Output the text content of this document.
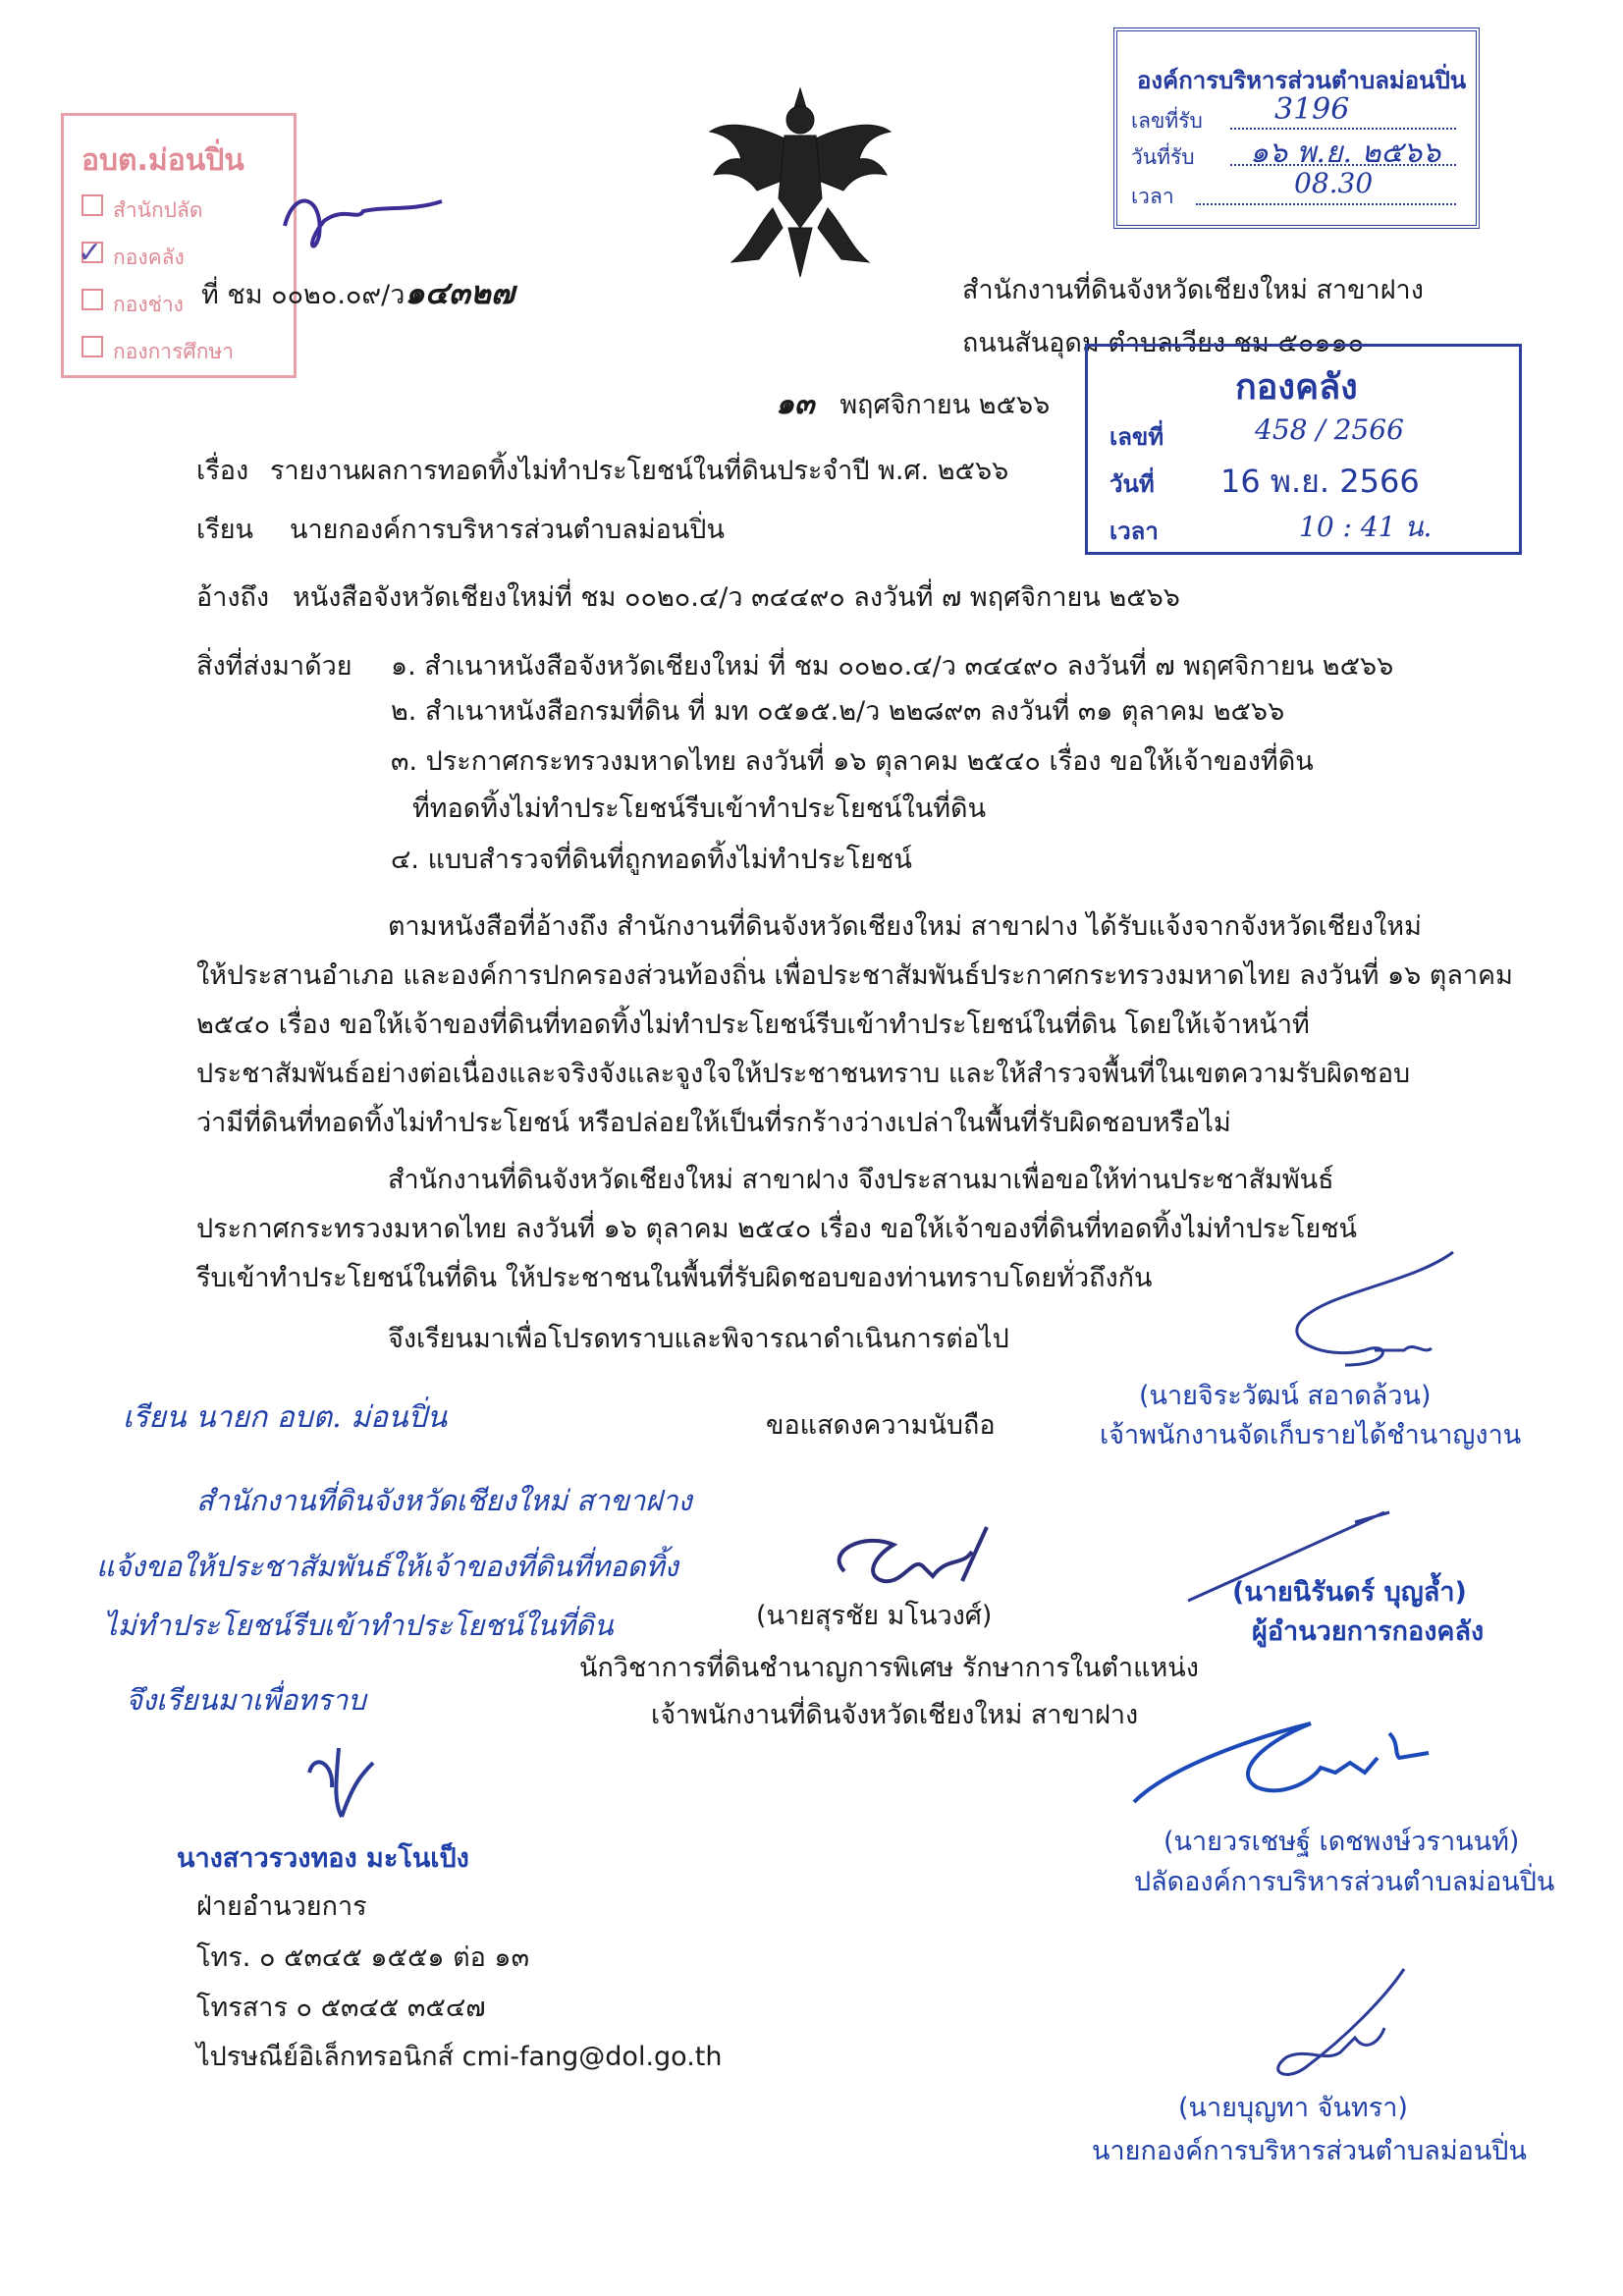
อบต.ม่อนปิ่น
สำนักปลัด
✓ กองคลัง
กองช่าง
กองการศึกษา
องค์การบริหารส่วนตำบลม่อนปิ่น
เลขที่รับ 3196
วันที่รับ ๑๖ พ.ย. ๒๕๖๖
เวลา	08.30
ที่ ชม ๐๐๒๐.๐๙/ว๑๔๓๒๗	สำนักงานที่ดินจังหวัดเชียงใหม่ สาขาฝาง
ถนนสันอุดม ตำบลเวียง ชม ๕๐๑๑๐
๑๓ พฤศจิกายน ๒๕๖๖	กองคลัง
เลขที่	458 / 2566
วันที่ 16 พ.ย. 2566
เวลา	10 : 41 น.
เรื่อง รายงานผลการทอดทิ้งไม่ทำประโยชน์ในที่ดินประจำปี พ.ศ. ๒๕๖๖
เรียน นายกองค์การบริหารส่วนตำบลม่อนปิ่น
อ้างถึง หนังสือจังหวัดเชียงใหม่ที่ ชม ๐๐๒๐.๔/ว ๓๔๔๙๐ ลงวันที่ ๗ พฤศจิกายน ๒๕๖๖
สิ่งที่ส่งมาด้วย ๑. สำเนาหนังสือจังหวัดเชียงใหม่ ที่ ชม ๐๐๒๐.๔/ว ๓๔๔๙๐ ลงวันที่ ๗ พฤศจิกายน ๒๕๖๖
๒. สำเนาหนังสือกรมที่ดิน ที่ มท ๐๕๑๕.๒/ว ๒๒๘๙๓ ลงวันที่ ๓๑ ตุลาคม ๒๕๖๖
๓. ประกาศกระทรวงมหาดไทย ลงวันที่ ๑๖ ตุลาคม ๒๕๔๐ เรื่อง ขอให้เจ้าของที่ดิน
ที่ทอดทิ้งไม่ทำประโยชน์รีบเข้าทำประโยชน์ในที่ดิน
๔. แบบสำรวจที่ดินที่ถูกทอดทิ้งไม่ทำประโยชน์
ตามหนังสือที่อ้างถึง สำนักงานที่ดินจังหวัดเชียงใหม่ สาขาฝาง ได้รับแจ้งจากจังหวัดเชียงใหม่
ให้ประสานอำเภอ และองค์การปกครองส่วนท้องถิ่น เพื่อประชาสัมพันธ์ประกาศกระทรวงมหาดไทย ลงวันที่ ๑๖ ตุลาคม
๒๕๔๐ เรื่อง ขอให้เจ้าของที่ดินที่ทอดทิ้งไม่ทำประโยชน์รีบเข้าทำประโยชน์ในที่ดิน โดยให้เจ้าหน้าที่
ประชาสัมพันธ์อย่างต่อเนื่องและจริงจังและจูงใจให้ประชาชนทราบ และให้สำรวจพื้นที่ในเขตความรับผิดชอบ
ว่ามีที่ดินที่ทอดทิ้งไม่ทำประโยชน์ หรือปล่อยให้เป็นที่รกร้างว่างเปล่าในพื้นที่รับผิดชอบหรือไม่
สำนักงานที่ดินจังหวัดเชียงใหม่ สาขาฝาง จึงประสานมาเพื่อขอให้ท่านประชาสัมพันธ์
ประกาศกระทรวงมหาดไทย ลงวันที่ ๑๖ ตุลาคม ๒๕๔๐ เรื่อง ขอให้เจ้าของที่ดินที่ทอดทิ้งไม่ทำประโยชน์
รีบเข้าทำประโยชน์ในที่ดิน ให้ประชาชนในพื้นที่รับผิดชอบของท่านทราบโดยทั่วถึงกัน
จึงเรียนมาเพื่อโปรดทราบและพิจารณาดำเนินการต่อไป
ขอแสดงความนับถือ
(นายสุรชัย มโนวงศ์)
นักวิชาการที่ดินชำนาญการพิเศษ รักษาการในตำแหน่ง
เจ้าพนักงานที่ดินจังหวัดเชียงใหม่ สาขาฝาง
เรียน นายก อบต. ม่อนปิ่น
สำนักงานที่ดินจังหวัดเชียงใหม่ สาขาฝาง
แจ้งขอให้ประชาสัมพันธ์ให้เจ้าของที่ดินที่ทอดทิ้ง
ไม่ทำประโยชน์รีบเข้าทำประโยชน์ในที่ดิน
จึงเรียนมาเพื่อทราบ
นางสาวรวงทอง มะโนเป็ง
ฝ่ายอำนวยการ
โทร. ๐ ๕๓๔๕ ๑๕๕๑ ต่อ ๑๓
โทรสาร ๐ ๕๓๔๕ ๓๕๔๗
ไปรษณีย์อิเล็กทรอนิกส์ cmi-fang@dol.go.th
(นายจิระวัฒน์ สอาดล้วน)
เจ้าพนักงานจัดเก็บรายได้ชำนาญงาน
(นายนิรันดร์ บุญล้ำ)
ผู้อำนวยการกองคลัง
(นายวรเชษฐ์ เดชพงษ์วรานนท์)
ปลัดองค์การบริหารส่วนตำบลม่อนปิ่น
(นายบุญทา จันทรา)
นายกองค์การบริหารส่วนตำบลม่อนปิ่น
